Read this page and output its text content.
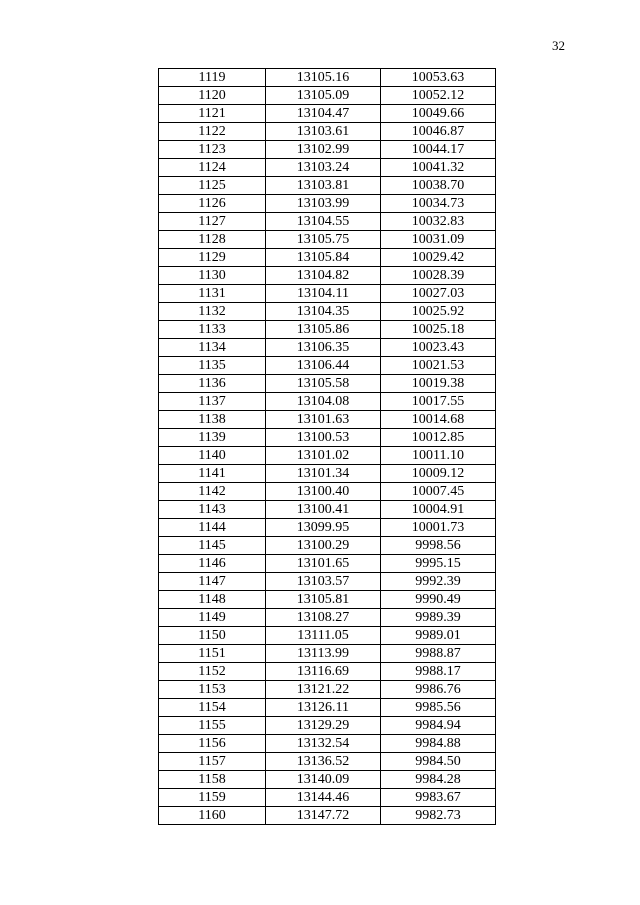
32
1119	13105.16	10053.63
1120	13105.09	10052.12
1121	13104.47	10049.66
1122	13103.61	10046.87
1123	13102.99	10044.17
1124	13103.24	10041.32
1125	13103.81	10038.70
1126	13103.99	10034.73
1127	13104.55	10032.83
1128	13105.75	10031.09
1129	13105.84	10029.42
1130	13104.82	10028.39
1131	13104.11	10027.03
1132	13104.35	10025.92
1133	13105.86	10025.18
1134	13106.35	10023.43
1135	13106.44	10021.53
1136	13105.58	10019.38
1137	13104.08	10017.55
1138	13101.63	10014.68
1139	13100.53	10012.85
1140	13101.02	10011.10
1141	13101.34	10009.12
1142	13100.40	10007.45
1143	13100.41	10004.91
1144	13099.95	10001.73
1145	13100.29	9998.56
1146	13101.65	9995.15
1147	13103.57	9992.39
1148	13105.81	9990.49
1149	13108.27	9989.39
1150	13111.05	9989.01
1151	13113.99	9988.87
1152	13116.69	9988.17
1153	13121.22	9986.76
1154	13126.11	9985.56
1155	13129.29	9984.94
1156	13132.54	9984.88
1157	13136.52	9984.50
1158	13140.09	9984.28
1159	13144.46	9983.67
1160	13147.72	9982.73
